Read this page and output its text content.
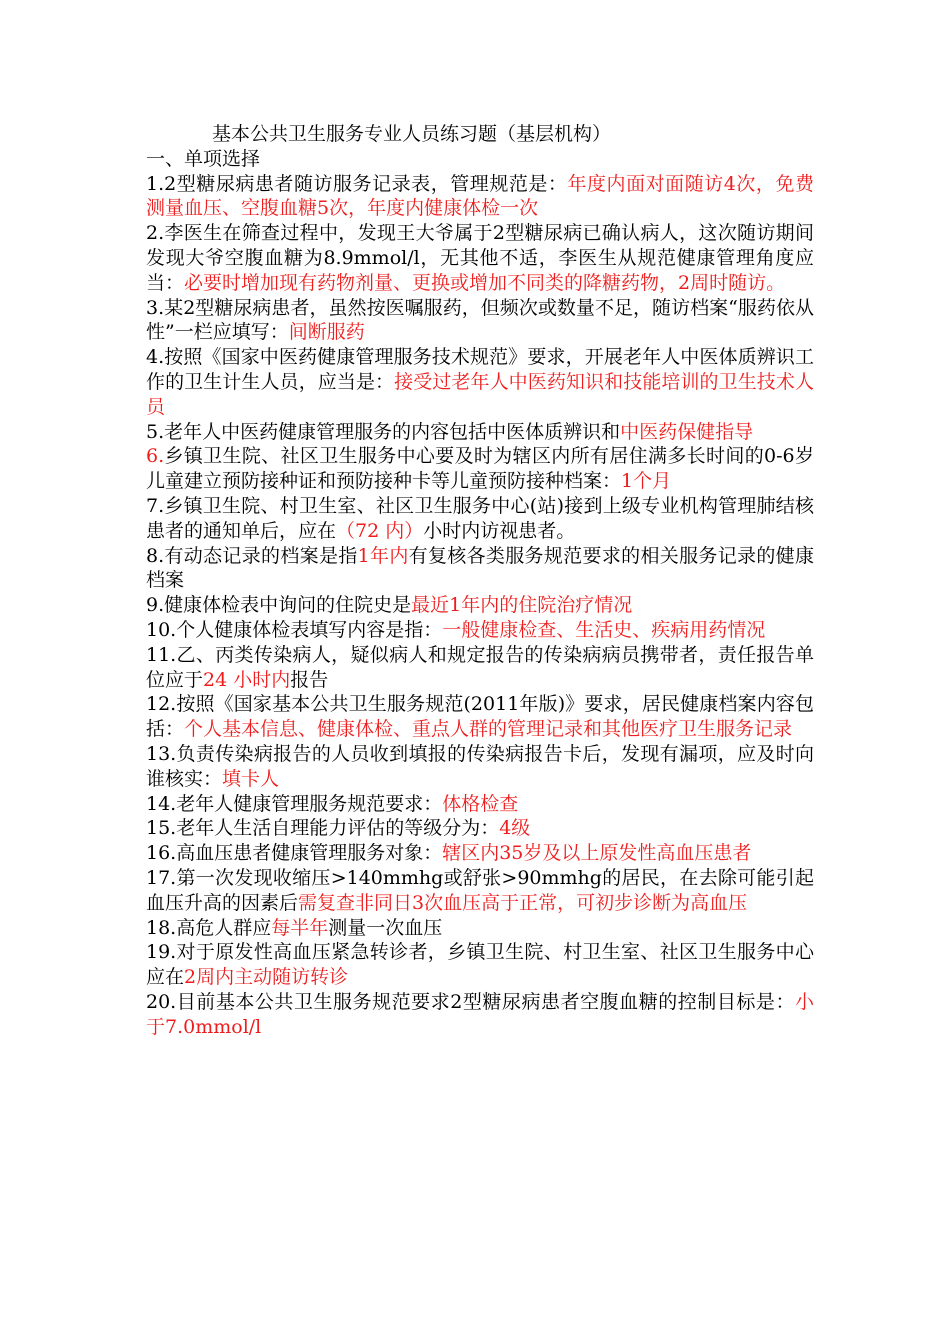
基本公共卫生服务专业人员练习题（基层机构）
一、单项选择
1.2型糖尿病患者随访服务记录表，管理规范是：年度内面对面随访4次，免费测量血压、空腹血糖5次，年度内健康体检一次
2.李医生在筛查过程中，发现王大爷属于2型糖尿病已确认病人，这次随访期间发现大爷空腹血糖为8.9mmol/l，无其他不适，李医生从规范健康管理角度应当：必要时增加现有药物剂量、更换或增加不同类的降糖药物，2周时随访。
3.某2型糖尿病患者，虽然按医嘱服药，但频次或数量不足，随访档案“服药依从性”一栏应填写：间断服药
4.按照《国家中医药健康管理服务技术规范》要求，开展老年人中医体质辨识工作的卫生计生人员，应当是：接受过老年人中医药知识和技能培训的卫生技术人员
5.老年人中医药健康管理服务的内容包括中医体质辨识和中医药保健指导
6.乡镇卫生院、社区卫生服务中心要及时为辖区内所有居住满多长时间的0-6岁儿童建立预防接种证和预防接种卡等儿童预防接种档案：1个月
7.乡镇卫生院、村卫生室、社区卫生服务中心(站)接到上级专业机构管理肺结核患者的通知单后，应在（72 内）小时内访视患者。
8.有动态记录的档案是指1年内有复核各类服务规范要求的相关服务记录的健康档案
9.健康体检表中询问的住院史是最近1年内的住院治疗情况
10.个人健康体检表填写内容是指：一般健康检查、生活史、疾病用药情况
11.乙、丙类传染病人，疑似病人和规定报告的传染病病员携带者，责任报告单位应于24 小时内报告
12.按照《国家基本公共卫生服务规范(2011年版)》要求，居民健康档案内容包括：个人基本信息、健康体检、重点人群的管理记录和其他医疗卫生服务记录
13.负责传染病报告的人员收到填报的传染病报告卡后，发现有漏项，应及时向谁核实：填卡人
14.老年人健康管理服务规范要求：体格检查
15.老年人生活自理能力评估的等级分为：4级
16.高血压患者健康管理服务对象：辖区内35岁及以上原发性高血压患者
17.第一次发现收缩压>140mmhg或舒张>90mmhg的居民，在去除可能引起血压升高的因素后需复查非同日3次血压高于正常，可初步诊断为高血压
18.高危人群应每半年测量一次血压
19.对于原发性高血压紧急转诊者，乡镇卫生院、村卫生室、社区卫生服务中心应在2周内主动随访转诊
20.目前基本公共卫生服务规范要求2型糖尿病患者空腹血糖的控制目标是：小于7.0mmol/l
